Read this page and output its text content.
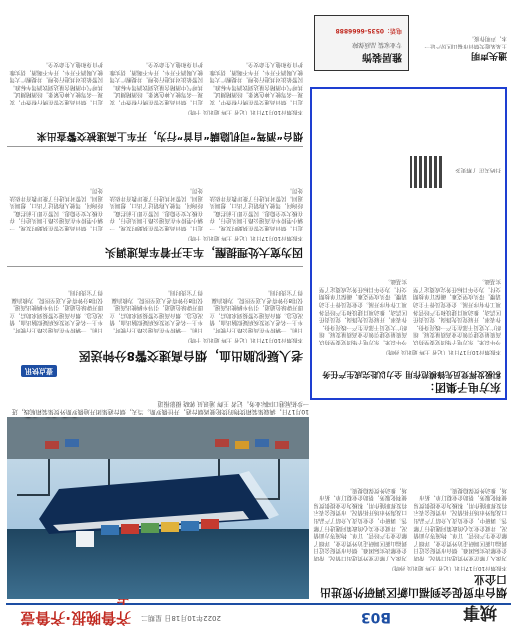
城事
B03
2022年10月18日 星期二
齐鲁晚报·齐鲁壹
10月17日，满载集装箱货物的货轮驶离烟台港，开往俄罗斯。当天，烟台港集团开通俄罗斯外贸集装箱航线，进一步拓展港口国际业务。记者 王辉 通讯员 郭晓 摄影报道
烟台市贸促会到福山新区调研外贸进出口企业
本报烟台10月17日讯（记者 王辉 通讯员 孙晓）
为深入了解企业外贸进出口情况，帮助企业解决实际困难，烟台市贸促会近日到福山新区调研走访外贸企业，详细了解企业生产经营、订单、物流等方面情况，并就企业关心的政策问题进行了解答。调研中，企业负责人介绍了产品出口及海外市场开拓情况。市贸促会表示将发挥职能作用，积极为企业提供贸易便利化服务，帮助企业稳订单、拓市场，推动外贸保稳提质。
为深入了解企业外贸进出口情况，帮助企业解决实际困难，烟台市贸促会近日到福山新区调研走访外贸企业，详细了解企业生产经营、订单、物流等方面情况，并就企业关心的政策问题进行了解答。调研中，企业负责人介绍了产品出口及海外市场开拓情况。市贸促会表示将发挥职能作用，积极为企业提供贸易便利化服务，帮助企业稳订单、拓市场，推动外贸保稳提质。
壹点快讯
老人疑似脑出血，烟台高速交警8分钟送医
本报烟台10月17日讯（记者 王辉 通讯员 于晓）
日前，一辆轿车在高速公路上行驶时，车上一名老人突发疾病疑似脑出血，情况危急。烟台高速交警接到求助后，立即开辟绿色通道，引导车辆驶出高速，仅用8分钟将老人送至医院，为救治赢得了宝贵时间。
日前，一辆轿车在高速公路上行驶时，车上一名老人突发疾病疑似脑出血，情况危急。烟台高速交警接到求助后，立即开辟绿色通道，引导车辆驶出高速，仅用8分钟将老人送至医院，为救治赢得了宝贵时间。
日前，一辆轿车在高速公路上行驶时，车上一名老人突发疾病疑似脑出血，情况危急。烟台高速交警接到求助后，立即开辟绿色通道，引导车辆驶出高速，仅用8分钟将老人送至医院，为救治赢得了宝贵时间。
因为宽大处理提醒，车主开着车高速调头
本报烟台10月17日讯（记者 王辉 通讯员 于晓）
近日，烟台高速交警在执勤时发现，一辆小型轿车在高速公路上调头逆行，存在极大安全隐患。民警立即上前拦截，经询问，驾驶人称错过了出口，想调头返回。民警对其进行了批评教育并依法处罚。
近日，烟台高速交警在执勤时发现，一辆小型轿车在高速公路上调头逆行，存在极大安全隐患。民警立即上前拦截，经询问，驾驶人称错过了出口，想调头返回。民警对其进行了批评教育并依法处罚。
近日，烟台高速交警在执勤时发现，一辆小型轿车在高速公路上调头逆行，存在极大安全隐患。民警立即上前拦截，经询问，驾驶人称错过了出口，想调头返回。民警对其进行了批评教育并依法处罚。
烟台“酒驾”司机隐瞒“自首”行为，开车上高速被交警查出来
本报烟台10月17日讯（记者 王辉 通讯员 于晓）
近日，烟台高速交警在例行检查中，发现一名驾驶人神色紧张，经酒精测试，其呼气中酒精含量达到饮酒驾车标准。民警依法对其进行处理，并提醒广大驾驶人喝酒不开车、开车不喝酒，切实维护自身和他人生命安全。
近日，烟台高速交警在例行检查中，发现一名驾驶人神色紧张，经酒精测试，其呼气中酒精含量达到饮酒驾车标准。民警依法对其进行处理，并提醒广大驾驶人喝酒不开车、开车不喝酒，切实维护自身和他人生命安全。
近日，烟台高速交警在例行检查中，发现一名驾驶人神色紧张，经酒精测试，其呼气中酒精含量达到饮酒驾车标准。民警依法对其进行处理，并提醒广大驾驶人喝酒不开车、开车不喝酒，切实维护自身和他人生命安全。
东方电子集团：
积极发挥党员先锋模范作用 全力以赴完成生产任务
本报烟台10月17日讯（记者 王辉 通讯员 孙晓）
今年以来，东方电子集团党委坚持以高质量党建引领企业高质量发展，组织广大党员干部在生产一线亮身份、作表率，开展党员先锋岗、党员责任区活动，推动项目建设和生产经营各项工作有序开展。企业党员骨干主动请缨，带头攻坚克难，确保订单按期交付，为全年目标任务完成奠定了坚实基础。
今年以来，东方电子集团党委坚持以高质量党建引领企业高质量发展，组织广大党员干部在生产一线亮身份、作表率，开展党员先锋岗、党员责任区活动，推动项目建设和生产经营各项工作有序开展。企业党员骨干主动请缨，带头攻坚克难，确保订单按期交付，为全年目标任务完成奠定了坚实基础。
扫码关注 了解更多
雅居装饰
专业家装 品质保障
电话：0535-6666888
遗失声明
王某某遗失烟台市福山区房产证一本，声明作废。
